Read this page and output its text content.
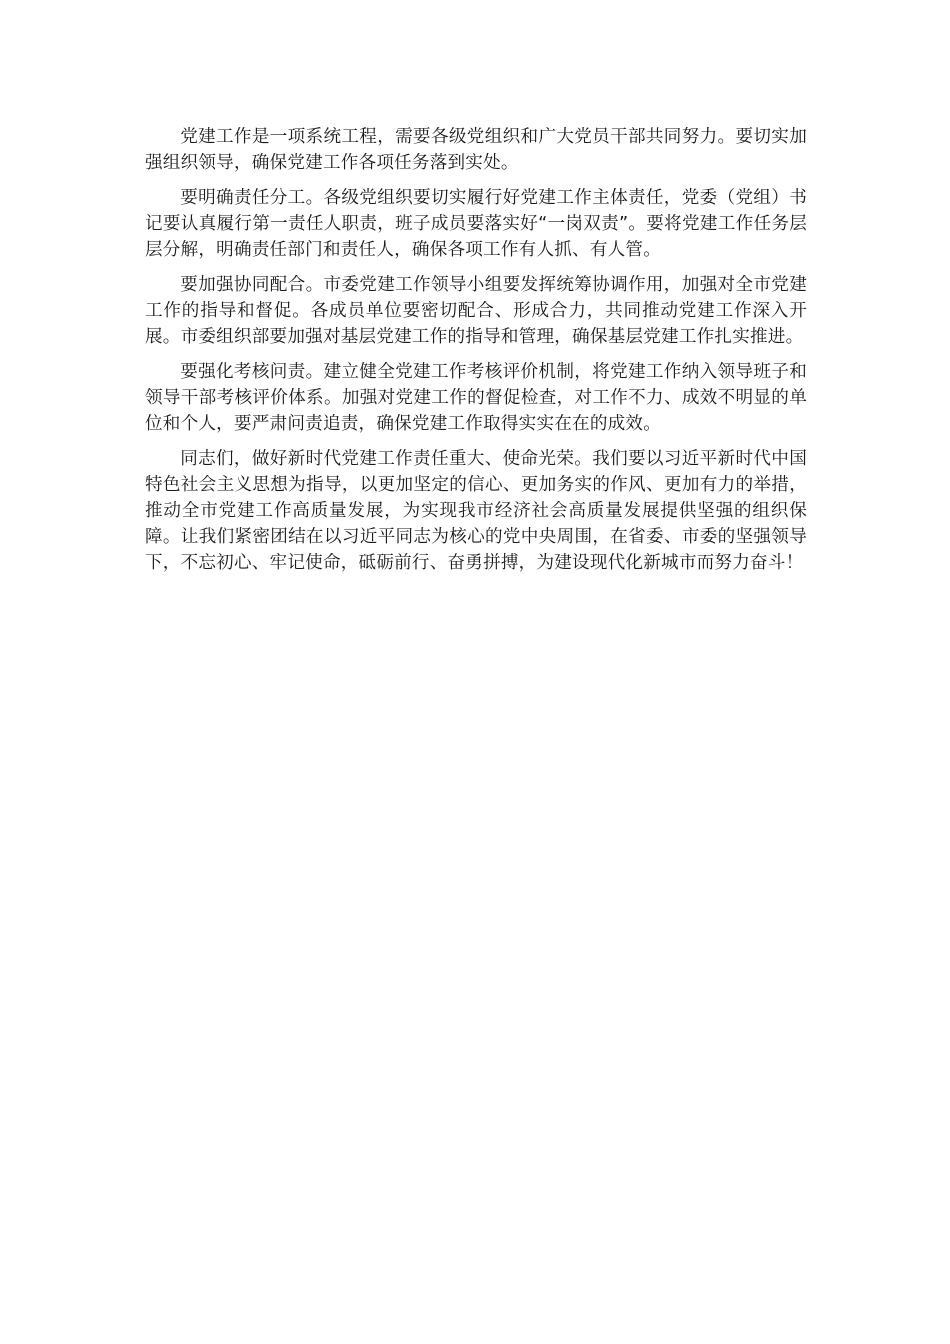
党建工作是一项系统工程，需要各级党组织和广大党员干部共同努力。要切实加强组织领导，确保党建工作各项任务落到实处。

要明确责任分工。各级党组织要切实履行好党建工作主体责任，党委（党组）书记要认真履行第一责任人职责，班子成员要落实好“一岗双责”。要将党建工作任务层层分解，明确责任部门和责任人，确保各项工作有人抓、有人管。

要加强协同配合。市委党建工作领导小组要发挥统筹协调作用，加强对全市党建工作的指导和督促。各成员单位要密切配合、形成合力，共同推动党建工作深入开展。市委组织部要加强对基层党建工作的指导和管理，确保基层党建工作扎实推进。

要强化考核问责。建立健全党建工作考核评价机制，将党建工作纳入领导班子和领导干部考核评价体系。加强对党建工作的督促检查，对工作不力、成效不明显的单位和个人，要严肃问责追责，确保党建工作取得实实在在的成效。

同志们，做好新时代党建工作责任重大、使命光荣。我们要以习近平新时代中国特色社会主义思想为指导，以更加坚定的信心、更加务实的作风、更加有力的举措，推动全市党建工作高质量发展，为实现我市经济社会高质量发展提供坚强的组织保障。让我们紧密团结在以习近平同志为核心的党中央周围，在省委、市委的坚强领导下，不忘初心、牢记使命，砥砺前行、奋勇拼搏，为建设现代化新城市而努力奋斗！
